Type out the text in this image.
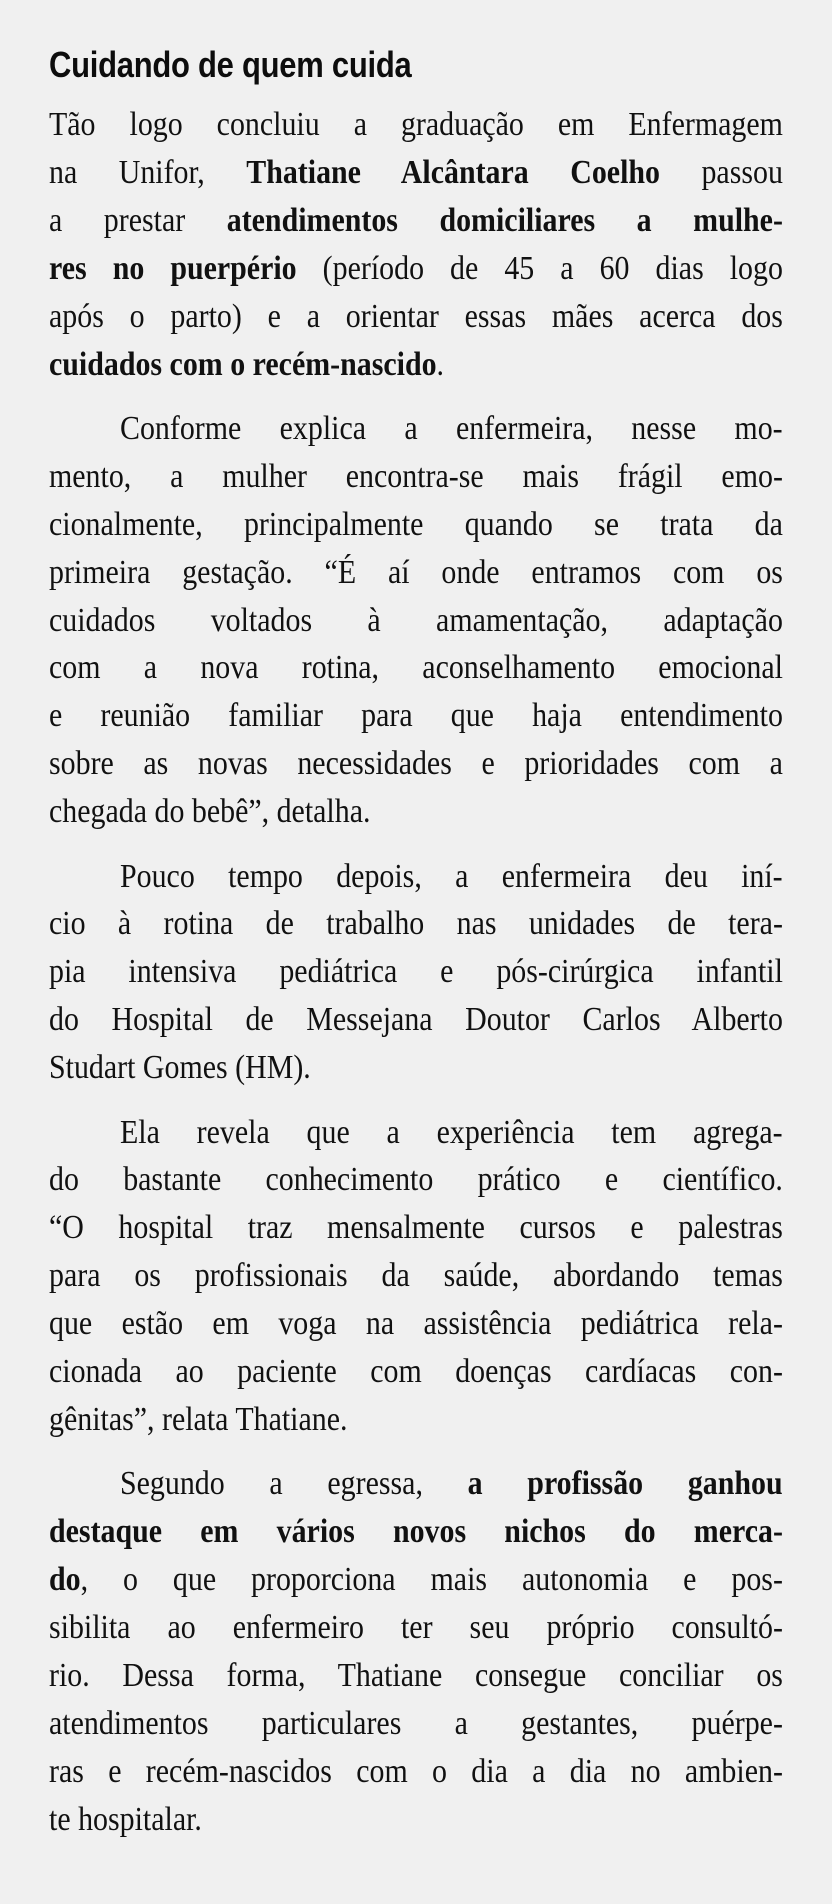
Cuidando de quem cuida
Tão logo concluiu a graduação em Enfermagem
na Unifor, Thatiane Alcântara Coelho passou
a prestar atendimentos domiciliares a mulhe-
res no puerpério (período de 45 a 60 dias logo
após o parto) e a orientar essas mães acerca dos
cuidados com o recém-nascido.
Conforme explica a enfermeira, nesse mo-
mento, a mulher encontra-se mais frágil emo-
cionalmente, principalmente quando se trata da
primeira gestação. “É aí onde entramos com os
cuidados voltados à amamentação, adaptação
com a nova rotina, aconselhamento emocional
e reunião familiar para que haja entendimento
sobre as novas necessidades e prioridades com a
chegada do bebê”, detalha.
Pouco tempo depois, a enfermeira deu iní-
cio à rotina de trabalho nas unidades de tera-
pia intensiva pediátrica e pós-cirúrgica infantil
do Hospital de Messejana Doutor Carlos Alberto
Studart Gomes (HM).
Ela revela que a experiência tem agrega-
do bastante conhecimento prático e científico.
“O hospital traz mensalmente cursos e palestras
para os profissionais da saúde, abordando temas
que estão em voga na assistência pediátrica rela-
cionada ao paciente com doenças cardíacas con-
gênitas”, relata Thatiane.
Segundo a egressa, a profissão ganhou
destaque em vários novos nichos do merca-
do, o que proporciona mais autonomia e pos-
sibilita ao enfermeiro ter seu próprio consultó-
rio. Dessa forma, Thatiane consegue conciliar os
atendimentos particulares a gestantes, puérpe-
ras e recém-nascidos com o dia a dia no ambien-
te hospitalar.
